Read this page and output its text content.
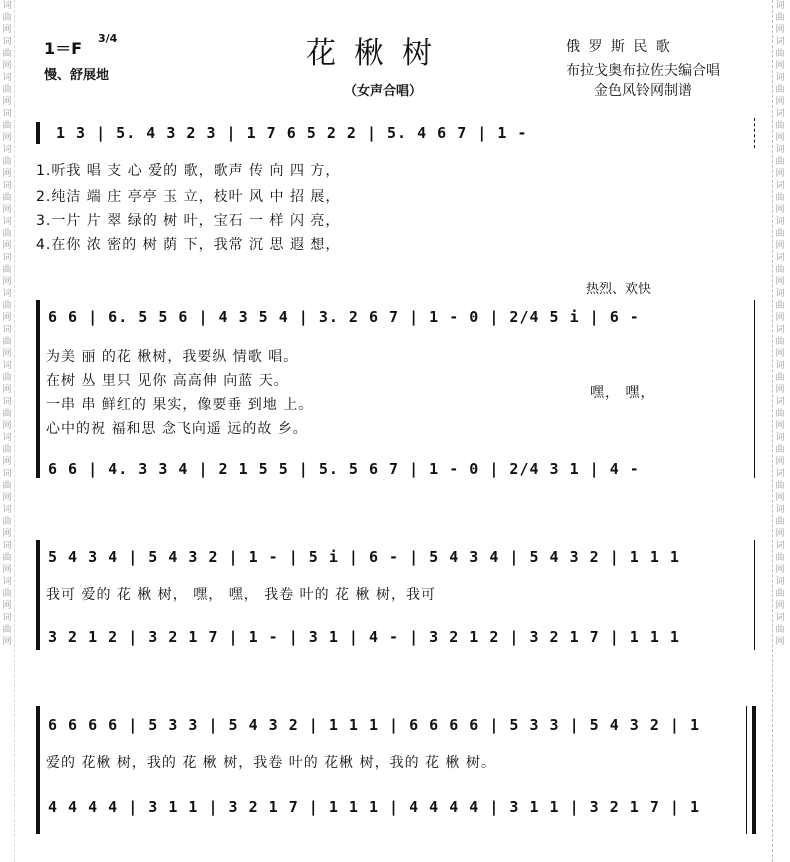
词曲网词曲网词曲网词曲网词曲网词曲网词曲网词曲网词曲网词曲网词曲网词曲网词曲网词曲网词曲网词曲网词曲网词曲网
词曲网词曲网词曲网词曲网词曲网词曲网词曲网词曲网词曲网词曲网词曲网词曲网词曲网词曲网词曲网词曲网词曲网词曲网
1＝F
3/4
慢、舒展地
花楸树
（女声合唱）
俄 罗 斯 民 歌
布拉戈奥布拉佐夫编合唱
金色风铃网制谱
1 3 | 5. 4 3 2 3 | 1 7 6 5 2 2 | 5. 4 6 7 | 1 -
1.听我 唱 支 心 爱的 歌，歌声 传 向 四 方，
2.纯洁 端 庄 亭亭 玉 立，枝叶 风 中 招 展，
3.一片 片 翠 绿的 树 叶，宝石 一 样 闪 亮，
4.在你 浓 密的 树 荫 下，我常 沉 思 遐 想，
热烈、欢快
6 6 | 6. 5 5 6 | 4 3 5 4 | 3. 2 6 7 | 1 - 0 | 2/4 5 i | 6 -
为美 丽 的花 楸树，我要纵 情歌 唱。
在树 丛 里只 见你 高高伸 向蓝 天。
一串 串 鲜红的 果实，像要垂 到地 上。
心中的祝 福和思 念飞向遥 远的故 乡。
嘿， 嘿，
6 6 | 4. 3 3 4 | 2 1 5 5 | 5. 5 6 7 | 1 - 0 | 2/4 3 1 | 4 -
5 4 3 4 | 5 4 3 2 | 1 - | 5 i | 6 - | 5 4 3 4 | 5 4 3 2 | 1 1 1
我可 爱的 花 楸 树， 嘿， 嘿， 我卷 叶的 花 楸 树，我可
3 2 1 2 | 3 2 1 7 | 1 - | 3 1 | 4 - | 3 2 1 2 | 3 2 1 7 | 1 1 1
6 6 6 6 | 5 3 3 | 5 4 3 2 | 1 1 1 | 6 6 6 6 | 5 3 3 | 5 4 3 2 | 1
爱的 花楸 树，我的 花 楸 树，我卷 叶的 花楸 树，我的 花 楸 树。
4 4 4 4 | 3 1 1 | 3 2 1 7 | 1 1 1 | 4 4 4 4 | 3 1 1 | 3 2 1 7 | 1
